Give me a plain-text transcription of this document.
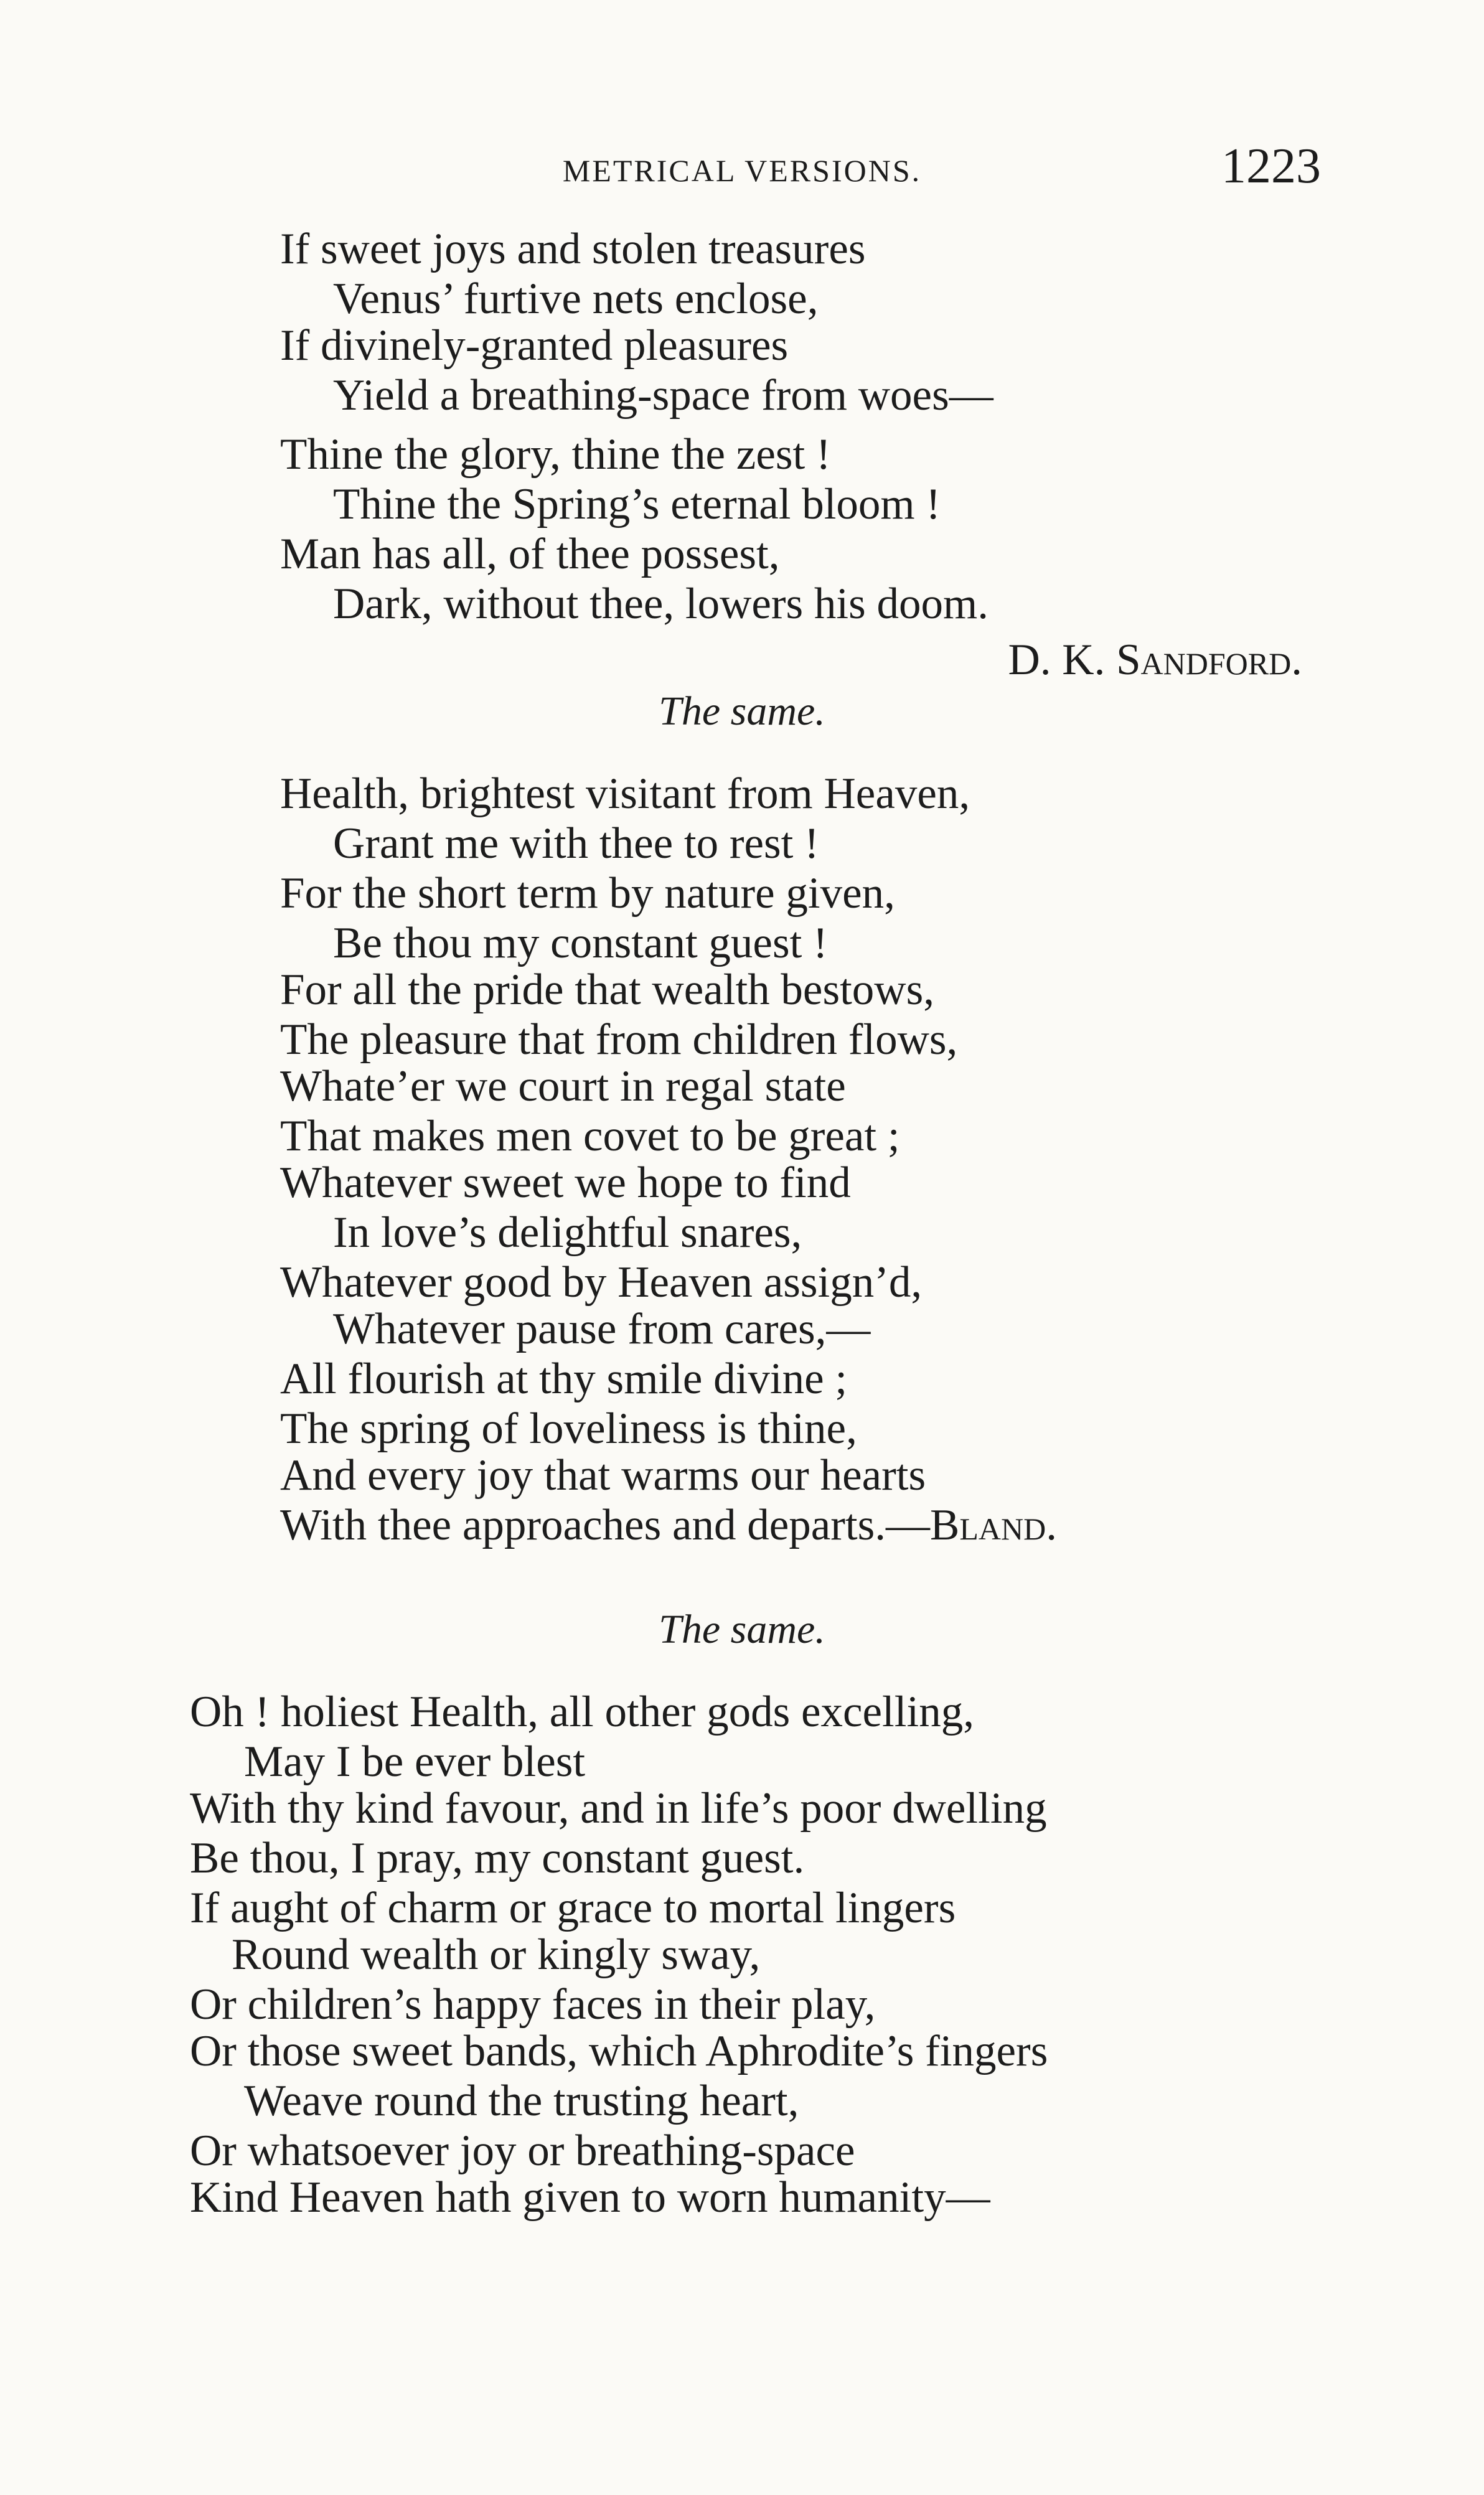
METRICAL VERSIONS.	1223
If sweet joys and stolen treasures
Venus’ furtive nets enclose,
If divinely-granted pleasures
Yield a breathing-space from woes—
Thine the glory, thine the zest !
Thine the Spring’s eternal bloom !
Man has all, of thee possest,
Dark, without thee, lowers his doom.
D. K. Sandford.
The same.
Health, brightest visitant from Heaven,
Grant me with thee to rest !
For the short term by nature given,
Be thou my constant guest !
For all the pride that wealth bestows,
The pleasure that from children flows,
Whate’er we court in regal state
That makes men covet to be great ;
Whatever sweet we hope to find
In love’s delightful snares,
Whatever good by Heaven assign’d,
Whatever pause from cares,—
All flourish at thy smile divine ;
The spring of loveliness is thine,
And every joy that warms our hearts
With thee approaches and departs.—Bland.
The same.
Oh ! holiest Health, all other gods excelling,
May I be ever blest
With thy kind favour, and in life’s poor dwelling
Be thou, I pray, my constant guest.
If aught of charm or grace to mortal lingers
Round wealth or kingly sway,
Or children’s happy faces in their play,
Or those sweet bands, which Aphrodite’s fingers
Weave round the trusting heart,
Or whatsoever joy or breathing-space
Kind Heaven hath given to worn humanity—
